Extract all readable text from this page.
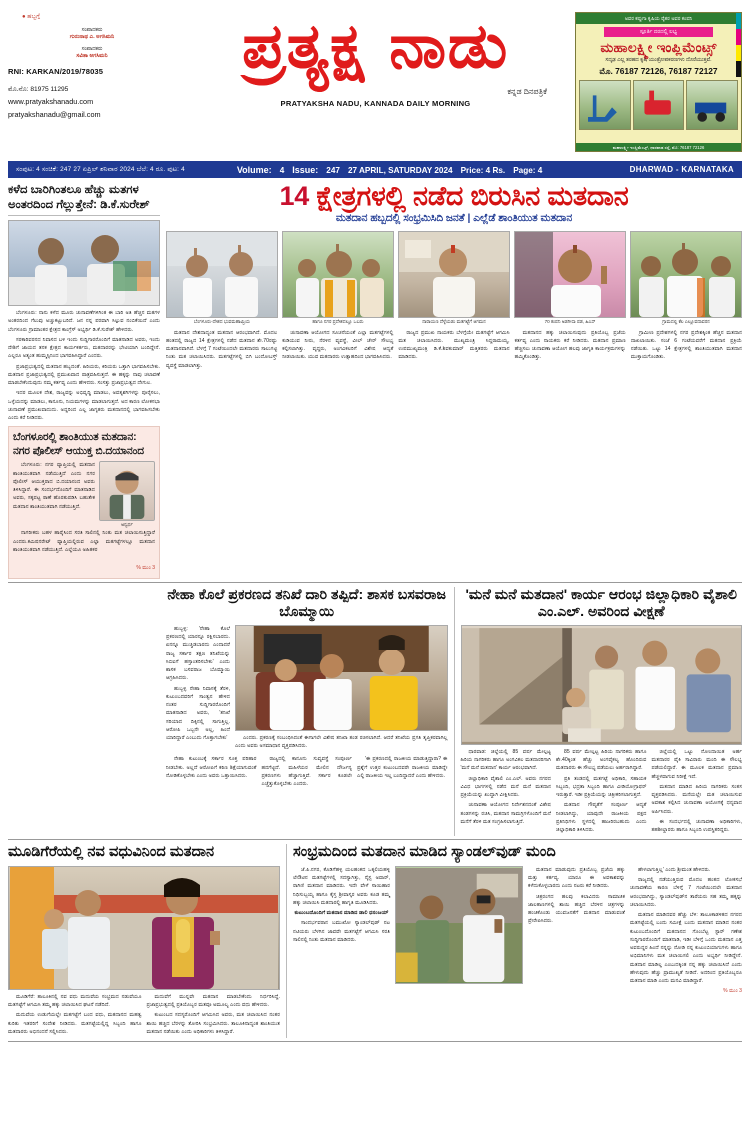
● ಹಬ್ಬಗ್ಗೆ
ಸಂಪಾದಕರು
ಗುರುನಾಥ ಎ. ಅಗಸಿಮನಿ
ಸಂಪಾದಕರು
ಸವಿತಾ ಅಗಸಿಮನಿ
RNI: KARKAN/2019/78035
ಮೊ.ನೊ: 81975 11295
www.pratyakshanadu.com
pratyakshanadu@gmail.com
ಪ್ರತ್ಯಕ್ಷ ನಾಡು
ಕನ್ನಡ ದಿನಪತ್ರಿಕೆ
PRATYAKSHA NADU, KANNADA DAILY MORNING
ಅವರ ಕಪ್ಪುಗಾ ಕೃಷಿಯ ರೈತರ ಅವರ ಕಂಪನಿ
ಸ್ಪೂರ್ತಿ ದರದಲ್ಲಿ ಲಭ್ಯ
ಮಹಾಲಕ್ಷ್ಮೀ ಇಂಪ್ಲಿಮೆಂಟ್ಸ್
ಸದೃಢ ಎಲ್ಲ ತರಹದ ಕೃಷಿ ಯಂತ್ರೋಪಕರಣಗಳು ದೊರೆಯುತ್ತವೆ.
ಮೊ. 76187 72126, 76187 72127
ಮಹಾಲಕ್ಷ್ಮೀ ಇಂಪ್ಲಿಮೆಂಟ್ಸ್, ಧಾರವಾಡ ರಸ್ತೆ, ಮೊ: 76187 72126
ಸಂಪುಟ: 4 ಸಂಚಿಕೆ: 247 27 ಏಪ್ರಿಲ್ ಶನಿವಾರ 2024 ಬೆಲೆ: 4 ರೂ. ಪುಟ: 4	Volume: 4 Issue: 247 27 APRIL, SATURDAY 2024 Price: 4 Rs. Page: 4	DHARWAD - KARNATAKA
ಕಳೆದ ಬಾರಿಗಿಂತಲೂ ಹೆಚ್ಚು ಮತಗಳ ಅಂತರದಿಂದ ಗೆಲ್ಲುತ್ತೇನೆ: ಡಿ.ಕೆ.ಸುರೇಶ್

ಬೆಂಗಳೂರು: ನಾನು ಕಳೆದ ಮೂರು ಚುನಾವಣೆಗಳಿಗಿಂತ ಈ ಬಾರಿ ಅತಿ ಹೆಚ್ಚಿನ ಮತಗಳ ಅಂತರದಿಂದ ಗೆಲುವು ಅಚ್ಚುಕಟ್ಟುಬರಿದೆ. ಜನ ನನ್ನ ಪರವಾಗಿ ಸಿಲ್ಪುವ ನಂಬಿಕೆಯಿದೆ ಎಂದು ಬೆಂಗಳೂರು ಗ್ರಾಮಾಂತರ ಕ್ಷೇತ್ರದ ಕಾಂಗ್ರೆಸ್ ಅಭ್ಯರ್ಥಿ ಡಿ.ಕೆ.ಸುರೇಶ್ ಹೇಳಿದರು.

ಸರಕಾರಿವರನದ ನಿವಾಸದ ಬಳಿ ಇಂದು ಸುದ್ದಿಗಾರರೊಂದಿಗೆ ಮಾತನಾಡಿದ ಅವರು, ಇಂದು ದೇಶಿಗೆ ಜಾಯದ ತನಕ ಕ್ಷೇತ್ರದ ಕಾರ್ಯಕರ್ತರು, ಮತದಾರರನ್ನು ಭೇಟಿಯಾಗಿ ಬಂದಿದ್ದೇನೆ. ಎಲ್ಲರೂ ಅತ್ಯಂತ ಹುಮ್ಮಸ್ಸಿನಿಂದ ಭಾಗವಹಿಸಿದ್ದಾರೆ ಎಂದರು.

ಪ್ರಜಾಪ್ರಭುತ್ವದಲ್ಲಿ ಮತದಾನ ಹಬ್ಬದಂತೆ. ಹಿರಿಯರು, ಕಿರಿಯರು ಒತ್ತಾಗಿ ಭಾಗವಹಿಸಬೇಕು. ಮತದಾನ ಪ್ರಜಾಪ್ರಭುತ್ವದಲ್ಲಿ ಪ್ರಮುಖವಾದ ಪಾತ್ರವಹಿಸುತ್ತದೆ. ಈ ಹಕ್ಕನ್ನು ನಾವು ಚಲಾವಣೆ ಮಾಡಬೇಕೆಂದುವುದು ನಮ್ಮ ಕರ್ತವ್ಯ ಎಂದು ಹೇಳಿದರು. ಸಂಸತ್ತು ಪ್ರಜಾಪ್ರಭುತ್ವದ ದೇಗುಲ.

ಇದರ ಮೂಲಕ ದೇಶ, ರಾಜ್ಯವನ್ನು ಅಭಿವೃದ್ಧಿ ಮಾಡಲು, ಅವತೃಶಗಿಗಳನ್ನು ಪೂರೈಸಲು, ಒಳ್ಳೆಯದನ್ನು ಮಾಡಲು, ಕಾನೂನು, ನಿಯಮಗಳನ್ನು ಮಾಡಲಾಗುತ್ತದೆ. ಅದ ಕಾರಣ ಲೋಕಸಭಾ ಚುನಾವಣೆ ಪ್ರಮುಖವಾದುದು. ಅದ್ದರಿಂದ ಎಲ್ಲ ಜಾಗೃತರು ಮತದಾನದಲ್ಲಿ ಭಾಗವಹಿಸಬೇಕು ಎಂದು ಕರೆ ನೀಡಿದರು.

ಬೆಂಗಳೂರಲ್ಲಿ ಶಾಂತಿಯುತ ಮತದಾನ: ನಗರ ಪೊಲೀಸ್ ಆಯುಕ್ತ ಬಿ.ದಯಾನಂದ

ಬೆಂಗಳೂರು: ನಗರ ವ್ಯಾಪ್ತಿಯಲ್ಲಿ ಮತದಾನ ಶಾಂತಿಯುತವಾಗಿ ನಡೆಯುತ್ತಿದೆ ಎಂದು ನಗರ ಪೊಲೀಸ್ ಆಯುಕ್ತರಾದ ಬಿ.ದಯಾನಂದ ಅವರು ತಿಳಿಸಿದ್ದಾರೆ. ಈ ಸಂದರ್ಭದೊಂದಿಗೆ ಮಾತನಾಡಿದ ಅವರು, ಸಕ್ಕಪಟ್ಟ ಠಾಣೆ ಹೊರತುಪಡಿಸಿ ಬಹುತೇಕ ಮತದಾನ ಶಾಂತಿಯುತವಾಗಿ ನಡೆಯುತ್ತಿದೆ.

ಅನ್ವರ್ಥ

ನಾಗರೀಕರು ಬಹಳ ಹಾರೈಸಿಂದ ಸರತಿ ಸಾಲಿನಲ್ಲಿ ನಿಂತು ಮತ ಚಲಾಯಿಸುತ್ತಿದ್ದಾರೆ ಎಂದರು.ಕಮಿಷನರೇಟ್ ವ್ಯಾಪ್ತಿಯಲ್ಲಿರುವ ಎಲ್ಲಾ ಮತಗಟ್ಟೆಗಳಲ್ಲೂ ಮತದಾನ ಶಾಂತಿಯುತವಾಗಿ ನಡೆಯುತ್ತಿದೆ. ಎಲ್ಲೆಯೂ ಅಹಿತಕರ

% ಮುಂ 3
14 ಕ್ಷೇತ್ರಗಳಲ್ಲಿ ನಡೆದ ಬಿರುಸಿನ ಮತದಾನ
ಮತದಾನ ಹಬ್ಬದಲ್ಲಿ ಸಂಭ್ರಮಿಸಿದಿ ಜನತೆ | ಎಲ್ಲೆಡೆ ಶಾಂತಿಯುತ ಮತದಾನ
ಬೆಂಗಳೂರು-ದೇಶದ ಭುವಮಹಾಮ್ರಿಯ	ಹಾಗೂ ನಗರ ಪ್ರದೇಶದಲ್ಲೂ ಒಬರು	ನಾರಾಯಣ ದೆಳ್ಳೆಯಡು ಮತಗಟ್ಟೆಗೆ ಆಗಮನ	70 ಕಂಪನಿ ಅಡಗೀಸಾ ಪಡ, ಹಿಎಸ್	ಗ್ರಾಮದಲ್ಲಿ ಕೆಲ ಎಲ್ಲೂವದಾವರನ

ಮತದಾನ ದೇಶದಾದ್ಯಂತ ಮತದಾನ ಆರಂಭವಾಗಿದೆ. ಮೊದಲ ಹಂತದಲ್ಲಿ ರಾಜ್ಯದ 14 ಕ್ಷೇತ್ರಗಳಲ್ಲಿ ನಡೆದ ಮತದಾನ ಶೇ.70ರಷ್ಟು ಮತದಾನವಾಗಿದೆ. ಬೆಳಗ್ಗೆ 7 ಗಂಟೆಯಿಂದಲೇ ಮತದಾರರು ಸಾಲುಗಟ್ಟಿ ನಿಂತು ಮತ ಚಲಾಯಿಸಿದರು. ಮತಗಟ್ಟೆಗಳಲ್ಲಿ ಬಿಗಿ ಬಂದೋಬಸ್ತ್ ವ್ಯವಸ್ಥೆ ಮಾಡಲಾಗಿತ್ತು.

ಚುನಾವಣಾ ಆಯೋಗದ ಸೂಚನೆಯಂತೆ ಎಲ್ಲಾ ಮತಗಟ್ಟೆಗಳಲ್ಲಿ ಕುಡಿಯುವ ನೀರು, ನೆರಳಿನ ವ್ಯವಸ್ಥೆ, ವೀಲ್ ಚೇರ್ ಸೌಲಭ್ಯ ಕಲ್ಪಿಸಲಾಗಿತ್ತು. ವೃದ್ಧರು, ಅಂಗವಿಕಲರಿಗೆ ವಿಶೇಷ ಆದ್ಯತೆ ನೀಡಲಾಯಿತು. ಯುವ ಮತದಾರರು ಉತ್ಸಾಹದಿಂದ ಭಾಗವಹಿಸಿದರು.

ರಾಜ್ಯದ ಪ್ರಮುಖ ನಾಯಕರು ಬೆಳಗ್ಗೆಯೇ ಮತಗಟ್ಟೆಗೆ ಆಗಮಿಸಿ ಮತ ಚಲಾಯಿಸಿದರು. ಮುಖ್ಯಮಂತ್ರಿ ಸಿದ್ದರಾಮಯ್ಯ, ಉಪಮುಖ್ಯಮಂತ್ರಿ ಡಿ.ಕೆ.ಶಿವಕುಮಾರ್ ಮತ್ತಿತರರು ಮತದಾನ ಮಾಡಿದರು.

ಮತದಾನದ ಹಕ್ಕು ಚಲಾಯಿಸುವುದು ಪ್ರತಿಯೊಬ್ಬ ಪ್ರಜೆಯ ಕರ್ತವ್ಯ ಎಂದು ನಾಯಕರು ಕರೆ ನೀಡಿದರು. ಮತದಾನ ಪ್ರಮಾಣ ಹೆಚ್ಚಿಸಲು ಚುನಾವಣಾ ಆಯೋಗ ಹಲವು ಜಾಗೃತಿ ಕಾರ್ಯಕ್ರಮಗಳನ್ನು ಹಮ್ಮಿಕೊಂಡಿತ್ತು.

ಗ್ರಾಮೀಣ ಪ್ರದೇಶಗಳಲ್ಲಿ ನಗರ ಪ್ರದೇಶಕ್ಕಿಂತ ಹೆಚ್ಚಿನ ಮತದಾನ ದಾಖಲಾಯಿತು. ಸಂಜೆ 6 ಗಂಟೆಯವರೆಗೆ ಮತದಾನ ಪ್ರಕ್ರಿಯೆ ನಡೆಯಿತು. ಒಟ್ಟು 14 ಕ್ಷೇತ್ರಗಳಲ್ಲಿ ಶಾಂತಿಯುತವಾಗಿ ಮತದಾನ ಮುಕ್ತಾಯಗೊಂಡಿತು.

ನೇಹಾ ಕೊಲೆ ಪ್ರಕರಣದ ತನಿಖೆ ದಾರಿ ತಪ್ಪಿದೆ: ಶಾಸಕ ಬಸವರಾಜ ಬೊಮ್ಮಾಯಿ

ಹುಬ್ಬಳ್ಳಿ: 'ನೇಹಾ ಕೊಲೆ ಪ್ರಕರಣದಲ್ಲಿ ಯಾರನ್ನೂ ರಕ್ಷಿಸಬಾರದು. ಏನನ್ನೂ ಮುಚ್ಚಿಡಬಾರದು ಎಂದಾದರೆ ರಾಜ್ಯ ಸರ್ಕಾರ ತಕ್ಷಣ ತನಿಖೆಯನ್ನು ಸಿಬಿಐಗೆ ಹಸ್ತಾಂತರಿಸಬೇಕು' ಎಂದು ಶಾಸಕ ಬಸವರಾಜ ಬೊಮ್ಮಾಯಿ ಆಗ್ರಹಿಸಿದರು.

ಹುಬ್ಬಳ್ಳಿ ನೇಹಾ ನಿವಾಸಕ್ಕೆ ತೆರಳಿ, ಕುಟುಂಬದವರಿಗೆ ಸಾಂತ್ವನ ಹೇಳಿದ ನಂತರ ಸುದ್ದಿಗಾರರೊಂದಿಗೆ ಮಾತನಾಡಿದ ಅವರು, 'ತನಿಖೆ ಸರಿಯಾದ ದಿಕ್ಕಿನಲ್ಲಿ ಸಾಗುತ್ತಿಲ್ಲ. ಆರೋಪಿ ಒಬ್ಬನೇ ಅಲ್ಲ, ಹಿಂದೆ ಯಾರಿದ್ದಾರೆ ಎಂಬುದು ಗೊತ್ತಾಗಬೇಕು'	ಎಂದರು. ಪ್ರಕರಣಕ್ಕೆ ಸಂಬಂಧಿಸಿದಂತೆ ಈಗಾಗಲೇ ವಿಶೇಷ ತನಿಖಾ ತಂಡ ರಚಿಸಲಾಗಿದೆ. ಆದರೆ ತನಿಖೆಯ ಪ್ರಗತಿ ತೃಪ್ತಿಕರವಾಗಿಲ್ಲ ಎಂದು ಅವರು ಅಸಮಾಧಾನ ವ್ಯಕ್ತಪಡಿಸಿದರು.

ನೇಹಾ ಕುಟುಂಬಕ್ಕೆ ಸರ್ಕಾರ ಸೂಕ್ತ ಪರಿಹಾರ ನೀಡಬೇಕು. ಅಲ್ಲದೆ ಆರೋಪಿಗೆ ಕಠಿಣ ಶಿಕ್ಷೆಯಾಗುವಂತೆ ನೋಡಿಕೊಳ್ಳಬೇಕು ಎಂದು ಅವರು ಒತ್ತಾಯಿಸಿದರು.

ರಾಜ್ಯದಲ್ಲಿ ಕಾನೂನು ಸುವ್ಯವಸ್ಥೆ ಸಂಪೂರ್ಣ ಹದಗೆಟ್ಟಿದೆ. ಮಹಿಳೆಯರ ಮೇಲಿನ ದೌರ್ಜನ್ಯ ಪ್ರಕರಣಗಳು ಹೆಚ್ಚಾಗುತ್ತಿವೆ. ಸರ್ಕಾರ ಕೂಡಲೇ ಎಚ್ಚೆತ್ತುಕೊಳ್ಳಬೇಕು ಎಂದರು.

'ಈ ಪ್ರಕರಣದಲ್ಲಿ ರಾಜಕೀಯ ಮಾಡುತ್ತಿದ್ದಾರಾ? ಈ ಪ್ರಶ್ನೆಗೆ ಉತ್ತರ ಕುಟುಂಬದವರೇ ರಾಜಕೀಯ ಮಾಡಿದ್ದೇ ಎಲ್ಲಿ ರಾಜಕೀಯ ಇಲ್ಲ ಬಂದಿದ್ದಾದರೆ ಎಂದು ಹೇಳಿದರು.

'ಮನೆ ಮನೆ ಮತದಾನ' ಕಾರ್ಯ ಆರಂಭ ಜಿಲ್ಲಾಧಿಕಾರಿ ವೈಶಾಲಿ ಎಂ.ಎಲ್. ಅವರಿಂದ ವೀಕ್ಷಣೆ

ಧಾರವಾಡ: ಜಿಲ್ಲೆಯಲ್ಲಿ 85 ವರ್ಷ ಮೇಲ್ಪಟ್ಟ ಹಿರಿಯ ನಾಗರಿಕರು ಹಾಗೂ ಅಂಗವಿಕಲ ಮತದಾರರಿಗಾಗಿ 'ಮನೆ ಮನೆ ಮತದಾನ' ಕಾರ್ಯ ಆರಂಭವಾಗಿದೆ.

ಜಿಲ್ಲಾಧಿಕಾರಿ ವೈಶಾಲಿ ಎಂ.ಎಲ್. ಅವರು ನಗರದ ವಿವಿಧ ಭಾಗಗಳಲ್ಲಿ ನಡೆದ ಮನೆ ಮನೆ ಮತದಾನ ಪ್ರಕ್ರಿಯೆಯನ್ನು ಖುದ್ದಾಗಿ ವೀಕ್ಷಿಸಿದರು.

ಚುನಾವಣಾ ಆಯೋಗದ ನಿರ್ದೇಶನದಂತೆ ವಿಶೇಷ ತಂಡಗಳನ್ನು ರಚಿಸಿ, ಮತದಾನ ಸಾಮಗ್ರಿಗಳೊಂದಿಗೆ ಮನೆ ಮನೆಗೆ ತೆರಳಿ ಮತ ಸಂಗ್ರಹಿಸಲಾಗುತ್ತಿದೆ.

85 ವರ್ಷ ಮೇಲ್ಪಟ್ಟ ಹಿರಿಯ ನಾಗರಿಕರು ಹಾಗೂ ಶೇ.40ಕ್ಕಿಂತ ಹೆಚ್ಚು ಅಂಗವೈಕಲ್ಯ ಹೊಂದಿರುವ ಮತದಾರರು ಈ ಸೌಲಭ್ಯ ಪಡೆಯಲು ಅರ್ಹರಾಗಿದ್ದಾರೆ.

ಪ್ರತಿ ತಂಡದಲ್ಲಿ ಮತಗಟ್ಟೆ ಅಧಿಕಾರಿ, ಸಹಾಯಕ ಸಿಬ್ಬಂದಿ, ಭದ್ರತಾ ಸಿಬ್ಬಂದಿ ಹಾಗೂ ವೀಡಿಯೋಗ್ರಾಫರ್ ಇರುತ್ತಾರೆ. ಇಡೀ ಪ್ರಕ್ರಿಯೆಯನ್ನು ಚಿತ್ರೀಕರಿಸಲಾಗುತ್ತದೆ.

ಮತದಾನ ಗೌಪ್ಯತೆಗೆ ಸಂಪೂರ್ಣ ಆದ್ಯತೆ ನೀಡಲಾಗಿದ್ದು, ಯಾವುದೇ ರಾಜಕೀಯ ಪಕ್ಷದ ಪ್ರತಿನಿಧಿಗಳು ಸ್ಥಳದಲ್ಲಿ ಹಾಜರಿರಬಹುದು ಎಂದು ಜಿಲ್ಲಾಧಿಕಾರಿ ತಿಳಿಸಿದರು.

ಜಿಲ್ಲೆಯಲ್ಲಿ ಒಟ್ಟು ನೋಂದಾಯಿತ ಅರ್ಹ ಮತದಾರರ ಪೈಕಿ ಸಾವಿರಾರು ಮಂದಿ ಈ ಸೌಲಭ್ಯ ಪಡೆಯಲಿದ್ದಾರೆ. ಈ ಮೂಲಕ ಮತದಾನ ಪ್ರಮಾಣ ಹೆಚ್ಚಳವಾಗುವ ನಿರೀಕ್ಷೆ ಇದೆ.

ಮತದಾನ ಮಾಡಿದ ಹಿರಿಯ ನಾಗರಿಕರು ಸಂತಸ ವ್ಯಕ್ತಪಡಿಸಿದರು. ಮನೆಯಲ್ಲೇ ಮತ ಚಲಾಯಿಸುವ ಅವಕಾಶ ಕಲ್ಪಿಸಿದ ಚುನಾವಣಾ ಆಯೋಗಕ್ಕೆ ಧನ್ಯವಾದ ಅರ್ಪಿಸಿದರು.

ಈ ಸಂದರ್ಭದಲ್ಲಿ ಚುನಾವಣಾ ಅಧಿಕಾರಿಗಳು, ತಹಶೀಲ್ದಾರರು ಹಾಗೂ ಸಿಬ್ಬಂದಿ ಉಪಸ್ಥಿತರಿದ್ದರು.

ಮೂಡಿಗೆರೆಯಲ್ಲಿ ನವ ವಧುವಿನಿಂದ ಮತದಾನ

ಮೂಡಿಗೆರೆ: ತಾಲೂಕಿನಲ್ಲಿ ನವ ವಧು ಮದುವೆಯ ಸಂಭ್ರಮದ ನಡುವೆಯೂ ಮತಗಟ್ಟೆಗೆ ಆಗಮಿಸಿ ತಮ್ಮ ಹಕ್ಕು ಚಲಾಯಿಸಿದ ಘಟನೆ ನಡೆದಿದೆ.

ಮದುವೆಯ ಉಡುಗೆಯಲ್ಲೇ ಮತಗಟ್ಟೆಗೆ ಬಂದ ವಧು, ಮತದಾನದ ಮಹತ್ವ ಕುರಿತು ಇತರರಿಗೆ ಸಂದೇಶ ನೀಡಿದರು. ಮತಗಟ್ಟೆಯಲ್ಲಿದ್ದ ಸಿಬ್ಬಂದಿ ಹಾಗೂ ಮತದಾರರು ಅಭಿನಂದನೆ ಸಲ್ಲಿಸಿದರು.

ಮದುವೆಗೆ ಮುನ್ನವೇ ಮತದಾನ ಮಾಡಬೇಕೆಂದು ನಿರ್ಧರಿಸಿದ್ದೆ. ಪ್ರಜಾಪ್ರಭುತ್ವದಲ್ಲಿ ಪ್ರತಿಯೊಬ್ಬರ ಮತವೂ ಅಮೂಲ್ಯ ಎಂದು ವಧು ಹೇಳಿದರು.

ಕುಟುಂಬದ ಸದಸ್ಯರೊಂದಿಗೆ ಆಗಮಿಸಿದ ಅವರು, ಮತ ಚಲಾಯಿಸಿದ ನಂತರ ಶಾಯಿ ಹಚ್ಚಿದ ಬೆರಳನ್ನು ತೋರಿಸಿ ಸಂಭ್ರಮಿಸಿದರು. ತಾಲೂಕಿನಾದ್ಯಂತ ಶಾಂತಿಯುತ ಮತದಾನ ನಡೆಯಿತು ಎಂದು ಅಧಿಕಾರಿಗಳು ತಿಳಿಸಿದ್ದಾರೆ.

ಸಂಭ್ರಮದಿಂದ ಮತದಾನ ಮಾಡಿದ ಸ್ಯಾಂಡಲ್‌ವುಡ್ ಮಂದಿ

ಜೆ.ಪಿ.ನಗರ, ಕೊಡಿಗೆಹಳ್ಳಿ ಯಲಹಂಕದ ಒಕ್ಕಲಿಯಹಳ್ಳಿ ಲೇಔಟಿನ ಮತಗಟ್ಟೆಗಳಲ್ಲಿ ಸದಸ್ಯಾಗಿತ್ತು, ನೈಸ್ಟ ಅವಾರ್, ರಾಗಿಣಿ ಮತದಾನ ಮಾಡಿದರು. ಇದೇ ವೇಳೆ ಸಾಯಿಹಾರ ನಿಧಿಸುಬ್ಬಯ್ಯ ಹಾಗೂ ಕೈಸ್ತ ಶ್ರೀವಾಸ್ಕರ ಅವರು ಕೂಡ ತಮ್ಮ ಹಕ್ಕು ಚಲಾಯಿಸಿ ಮತದಾರಲ್ಲಿ ಹಾಗೃತಿ ಮೂಡಿಸಿದರು.

ಕುಟುಂಬದೊಂದಿಗೆ ಮತದಾನ ಮಾಡಿದ ಡಾಲಿ ಧನಂಜಯ್

ಸಾಂದರ್ಭವರಾನ ಬಮುಖೋ ಸ್ಯಾಂಡಲ್‌ವುಡ್ ನಟ ನಟಿಯರು ಬೆಳಗಿನ ಜಾವವೇ ಮತಗಟ್ಟೆಗೆ ಆಗಮಿಸಿ ಸರತಿ ಸಾಲಿನಲ್ಲಿ ನಿಂತು ಮತದಾನ ಮಾಡಿದರು.

ಮತದಾನ ಮಾಡುವುದು ಪ್ರತಿಯೊಬ್ಬ ಪ್ರಜೆಯ ಹಕ್ಕು ಮತ್ತು ಕರ್ತವ್ಯ. ಯಾರೂ ಈ ಅವಕಾಶವನ್ನು ಕಳೆದುಕೊಳ್ಳಬಾರದು ಎಂದು ನಟರು ಕರೆ ನೀಡಿದರು.

ಚಿತ್ರರಂಗದ ಹಲವು ಕಲಾವಿದರು ಸಾಮಾಜಿಕ ಜಾಲತಾಣಗಳಲ್ಲಿ ಶಾಯಿ ಹಚ್ಚಿದ ಬೆರಳಿನ ಚಿತ್ರಗಳನ್ನು ಹಂಚಿಕೊಂಡು ಯುವಜನತೆಗೆ ಮತದಾನ ಮಾಡುವಂತೆ ಪ್ರೇರೇಪಿಸಿದರು.

ಹೇಳಲಾಗುತ್ತಿಲ್ಲ' ಎಂದು ಶ್ರೀಮಂತ ಹೇಳಿದರು.

ರಾಜ್ಯದಲ್ಲಿ ನಡೆಯುತ್ತಿರುವ ಮೊದಲ ಹಂತದ ಲೋಕಸಭೆ ಚುನಾವಣೆಯ ಕಾರಣ ಬೆಳಿಗ್ಗೆ 7 ಗಂಟೆಯಿಂದಲೇ ಮತದಾನ ಆರಂಭವಾಗಿದ್ದು, ಸ್ಯಾಂಡಲ್‌ವುಡ್‌ನ ತಾರೆಯರು ಸಹ ತಮ್ಮ ಹಕ್ಕನ್ನು ಚಲಾಯಿಸಿದರು.

ಮತದಾನ ಮಾಡಿದವರ ಹೆಚ್ಚು ಬೆಳಿ: ತಾಲೂಕಾಡಳಿತದ ನಗರದ ಮತಗಟ್ಟೆಯಲ್ಲಿ ಬಂದು ಸಮೀಕ್ಷೆ ಬಂದು ಮತದಾನ ಮಾಡಿದ ನಂತರ ಕುಟುಂಬದೊಂದಿಗೆ ಮತದಾನದ ಗೊಂಬೆಟ್ಟ ಸ್ಟಾರ್ ಗಣೇಶ ಸುದ್ದಿಗಾರರೊಂದಿಗೆ ಮಾತನಾಡಿ, ಇಡೀ ಬೆಳಿಗ್ಗೆ ಒಂದು ಮತದಾನ ಎತ್ತ ಅವರುದ್ದರ ಹಿಂದೆ ನನ್ನನ್ನು ನೋಡಿ ನನ್ನ ಕುಟುಂಬಿಯಾಗುಗಳು ಹಾಗೂ ಅಭಿಮಾನಿಗಳು ಮತ ಚಲಾಯಿಸಲಿ ಎಂದು ಅಭ್ಯರ್ಥಿ ನೀಡಿದ್ದೇನೆ. ಮತದಾನ ಮಾಡಿಲ್ಲ ಎಂಬುದಕ್ಕಿಂತ ನನ್ನ ಹಕ್ಕು ಚಲಾಯಿಸಿದೆ ಎಂದು ಹೇಳುವುದು ಹೆಚ್ಚು ಪ್ರಾಮುಖ್ಯತೆ ನೀಡಿದೆ. ಅದರಿಂದ ಪ್ರತಿಯೊಬ್ಬರೂ ಮತದಾನ ಮಾಡಿ ಎಂದು ಮನವಿ ಮಾಡಿದ್ದಾರೆ.

% ಮುಂ 3
